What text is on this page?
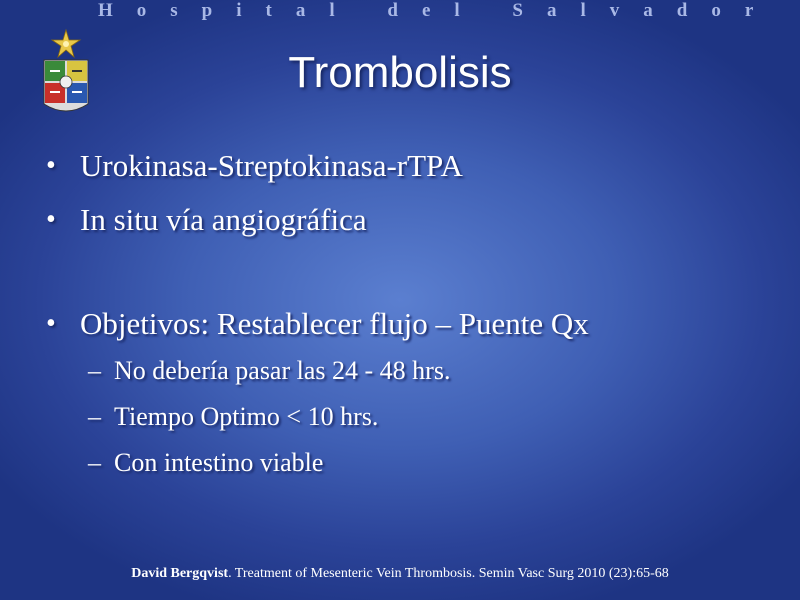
Hospital del Salvador
Trombolisis
• Urokinasa-Streptokinasa-rTPA
• In situ vía angiográfica
• Objetivos: Restablecer flujo – Puente Qx
– No debería pasar las 24 - 48 hrs.
– Tiempo Optimo < 10 hrs.
– Con intestino viable
David Bergqvist. Treatment of Mesenteric Vein Thrombosis. Semin Vasc Surg 2010 (23):65-68
